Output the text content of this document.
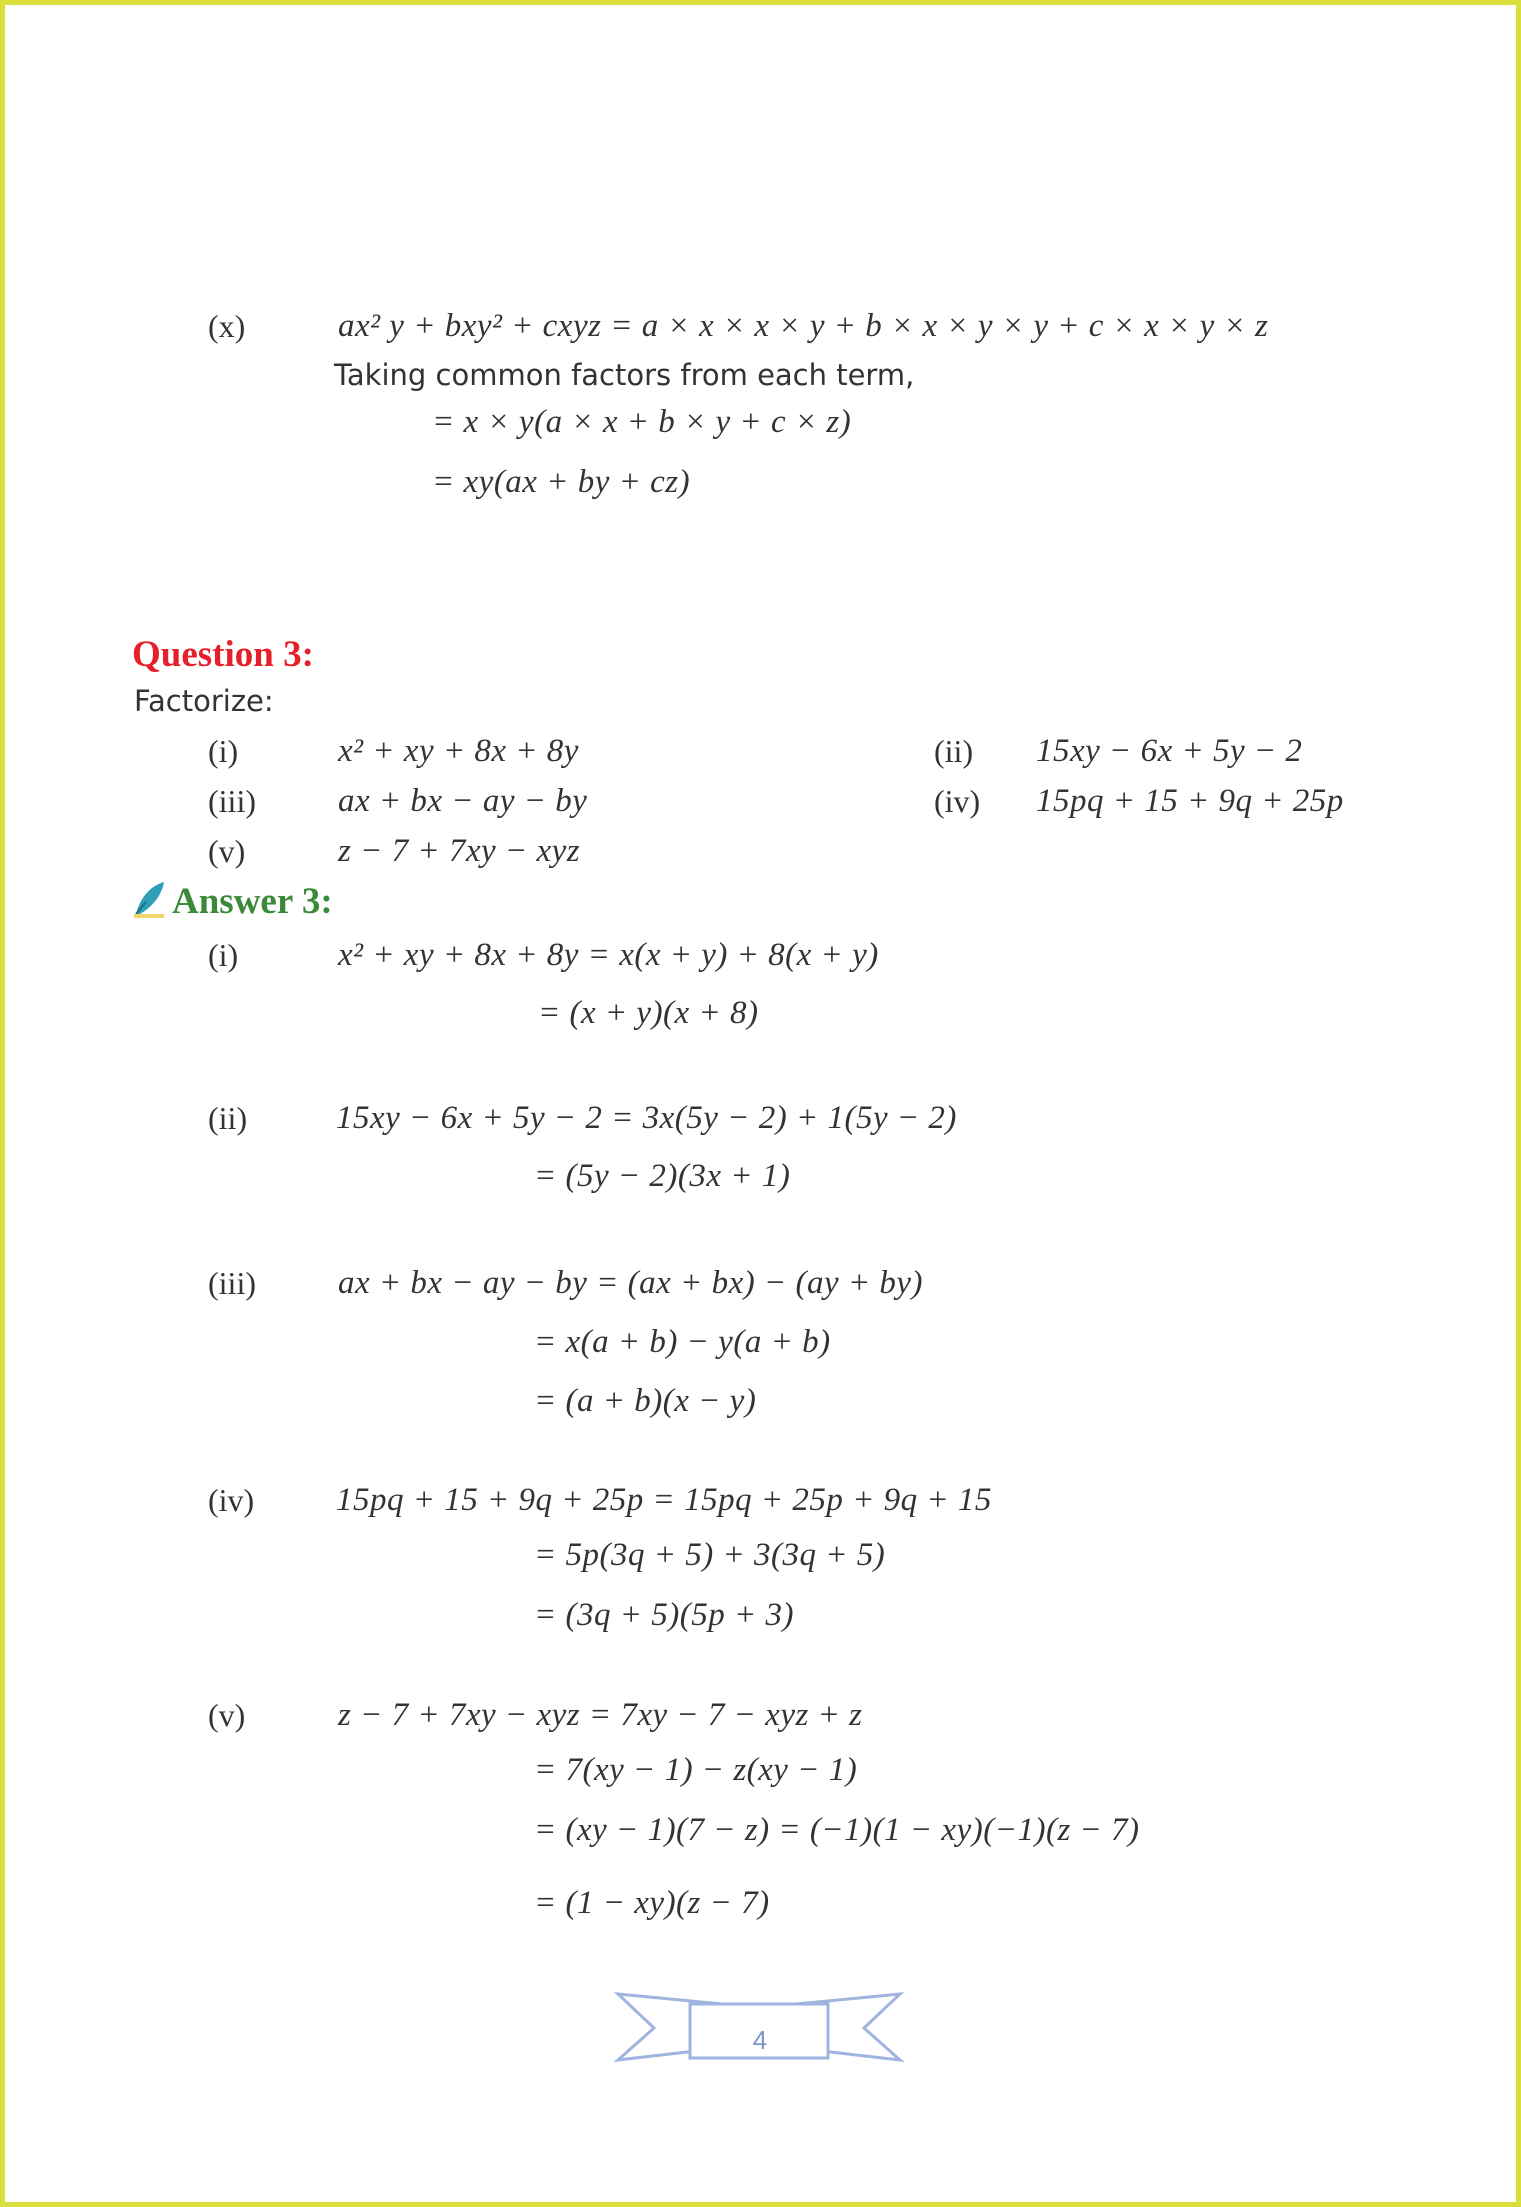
(x)	ax² y + bxy² + cxyz = a × x × x × y + b × x × y × y + c × x × y × z
Taking common factors from each term,
= x × y(a × x + b × y + c × z)
= xy(ax + by + cz)
Question 3:
Factorize:
(i)	x² + xy + 8x + 8y	(ii) 15xy − 6x + 5y − 2
(iii) ax + bx − ay − by	(iv) 15pq + 15 + 9q + 25p
(v)	z − 7 + 7xy − xyz
Answer 3:
(i)	x² + xy + 8x + 8y = x(x + y) + 8(x + y)
= (x + y)(x + 8)
(ii)	15xy − 6x + 5y − 2 = 3x(5y − 2) + 1(5y − 2)
= (5y − 2)(3x + 1)
(iii) ax + bx − ay − by = (ax + bx) − (ay + by)
= x(a + b) − y(a + b)
= (a + b)(x − y)
(iv) 15pq + 15 + 9q + 25p = 15pq + 25p + 9q + 15
= 5p(3q + 5) + 3(3q + 5)
= (3q + 5)(5p + 3)
(v)	z − 7 + 7xy − xyz = 7xy − 7 − xyz + z
= 7(xy − 1) − z(xy − 1)
= (xy − 1)(7 − z) = (−1)(1 − xy)(−1)(z − 7)
= (1 − xy)(z − 7)
4
